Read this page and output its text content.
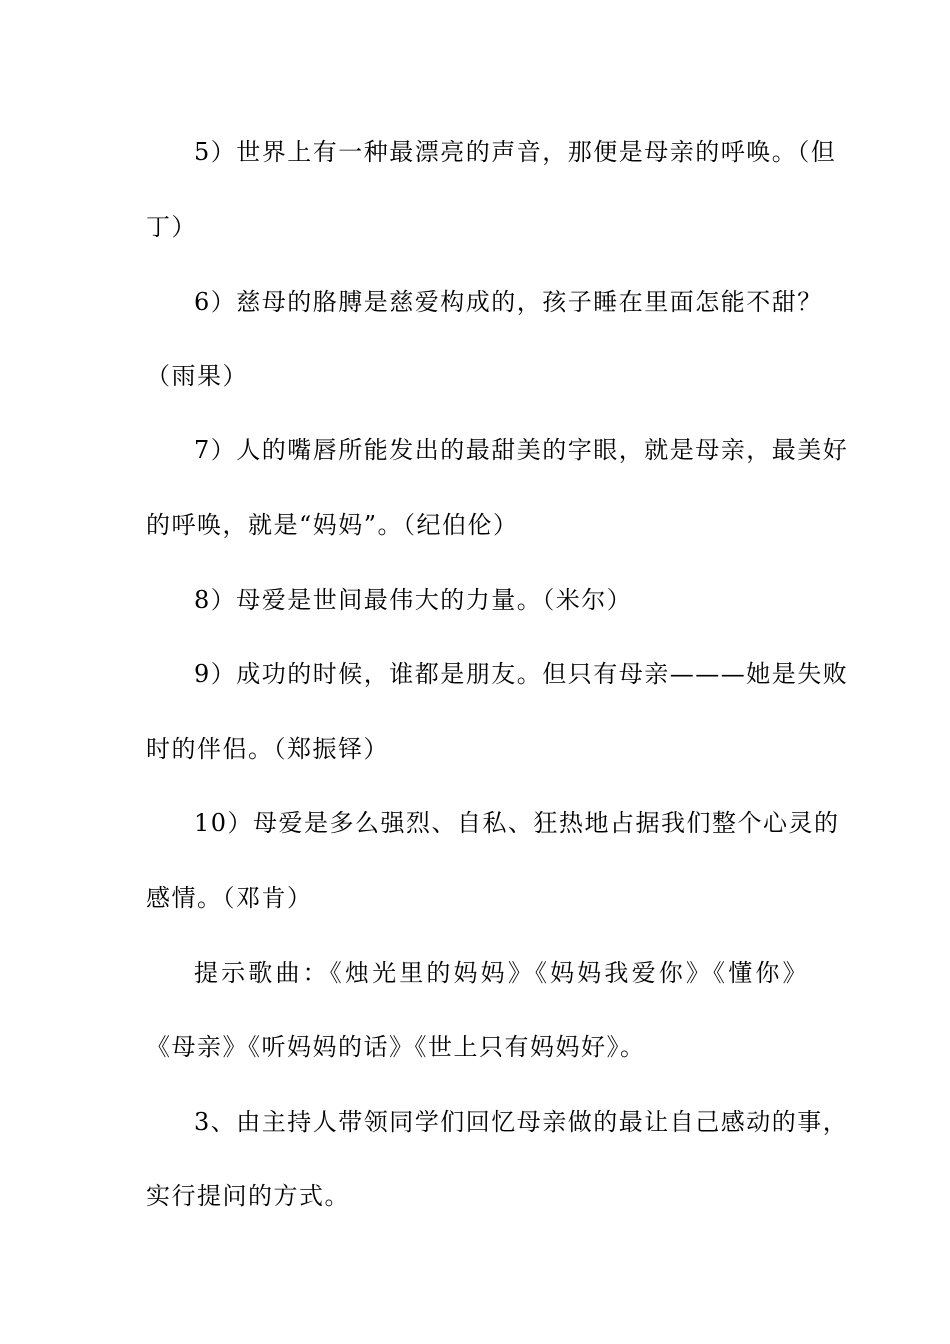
5）世界上有一种最漂亮的声音，那便是母亲的呼唤。（但
丁）
6）慈母的胳膊是慈爱构成的，孩子睡在里面怎能不甜？
（雨果）
7）人的嘴唇所能发出的最甜美的字眼，就是母亲，最美好
的呼唤，就是“妈妈”。（纪伯伦）
8）母爱是世间最伟大的力量。（米尔）
9）成功的时候，谁都是朋友。但只有母亲———她是失败
时的伴侣。（郑振铎）
10）母爱是多么强烈、自私、狂热地占据我们整个心灵的
感情。（邓肯）
提示歌曲：《烛光里的妈妈》《妈妈我爱你》《懂你》
《母亲》《听妈妈的话》《世上只有妈妈好》。
3、由主持人带领同学们回忆母亲做的最让自己感动的事，
实行提问的方式。
